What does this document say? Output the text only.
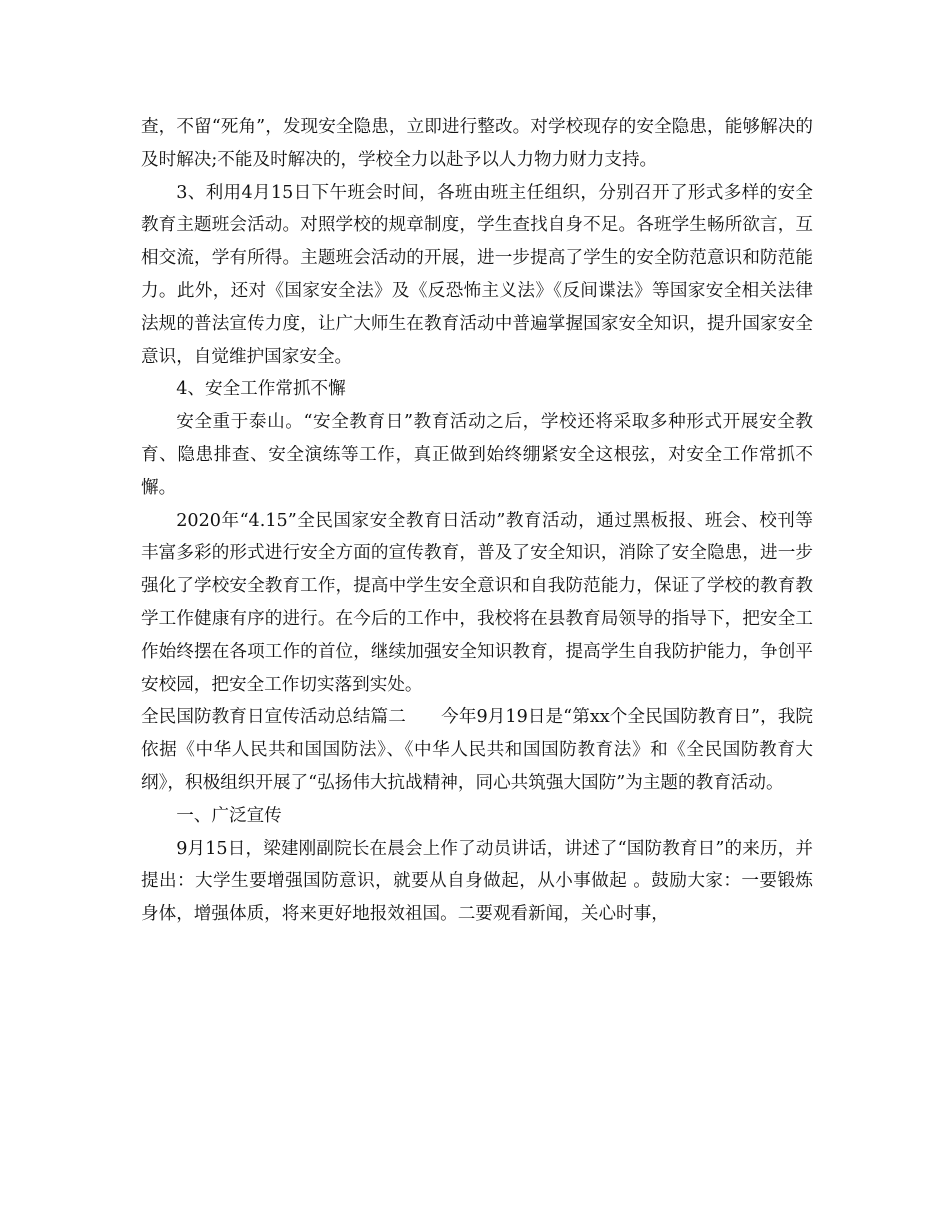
查，不留“死角”，发现安全隐患，立即进行整改。对学校现存的安全隐患，能够解决的及时解决;不能及时解决的，学校全力以赴予以人力物力财力支持。

3、利用4月15日下午班会时间，各班由班主任组织，分别召开了形式多样的安全教育主题班会活动。对照学校的规章制度，学生查找自身不足。各班学生畅所欲言，互相交流，学有所得。主题班会活动的开展，进一步提高了学生的安全防范意识和防范能力。此外，还对《国家安全法》及《反恐怖主义法》《反间谍法》等国家安全相关法律法规的普法宣传力度，让广大师生在教育活动中普遍掌握国家安全知识，提升国家安全意识，自觉维护国家安全。

4、安全工作常抓不懈

安全重于泰山。“安全教育日”教育活动之后，学校还将采取多种形式开展安全教育、隐患排查、安全演练等工作，真正做到始终绷紧安全这根弦，对安全工作常抓不懈。

2020年“4.15”全民国家安全教育日活动”教育活动，通过黑板报、班会、校刊等丰富多彩的形式进行安全方面的宣传教育，普及了安全知识，消除了安全隐患，进一步强化了学校安全教育工作，提高中学生安全意识和自我防范能力，保证了学校的教育教学工作健康有序的进行。在今后的工作中，我校将在县教育局领导的指导下，把安全工作始终摆在各项工作的首位，继续加强安全知识教育，提高学生自我防护能力，争创平安校园，把安全工作切实落到实处。

全民国防教育日宣传活动总结篇二　　今年9月19日是“第xx个全民国防教育日”，我院依据《中华人民共和国国防法》、《中华人民共和国国防教育法》和《全民国防教育大纲》，积极组织开展了“弘扬伟大抗战精神，同心共筑强大国防”为主题的教育活动。

一、广泛宣传

9月15日，梁建刚副院长在晨会上作了动员讲话，讲述了“国防教育日”的来历，并提出：大学生要增强国防意识，就要从自身做起，从小事做起 。鼓励大家：一要锻炼身体，增强体质，将来更好地报效祖国。二要观看新闻，关心时事，
